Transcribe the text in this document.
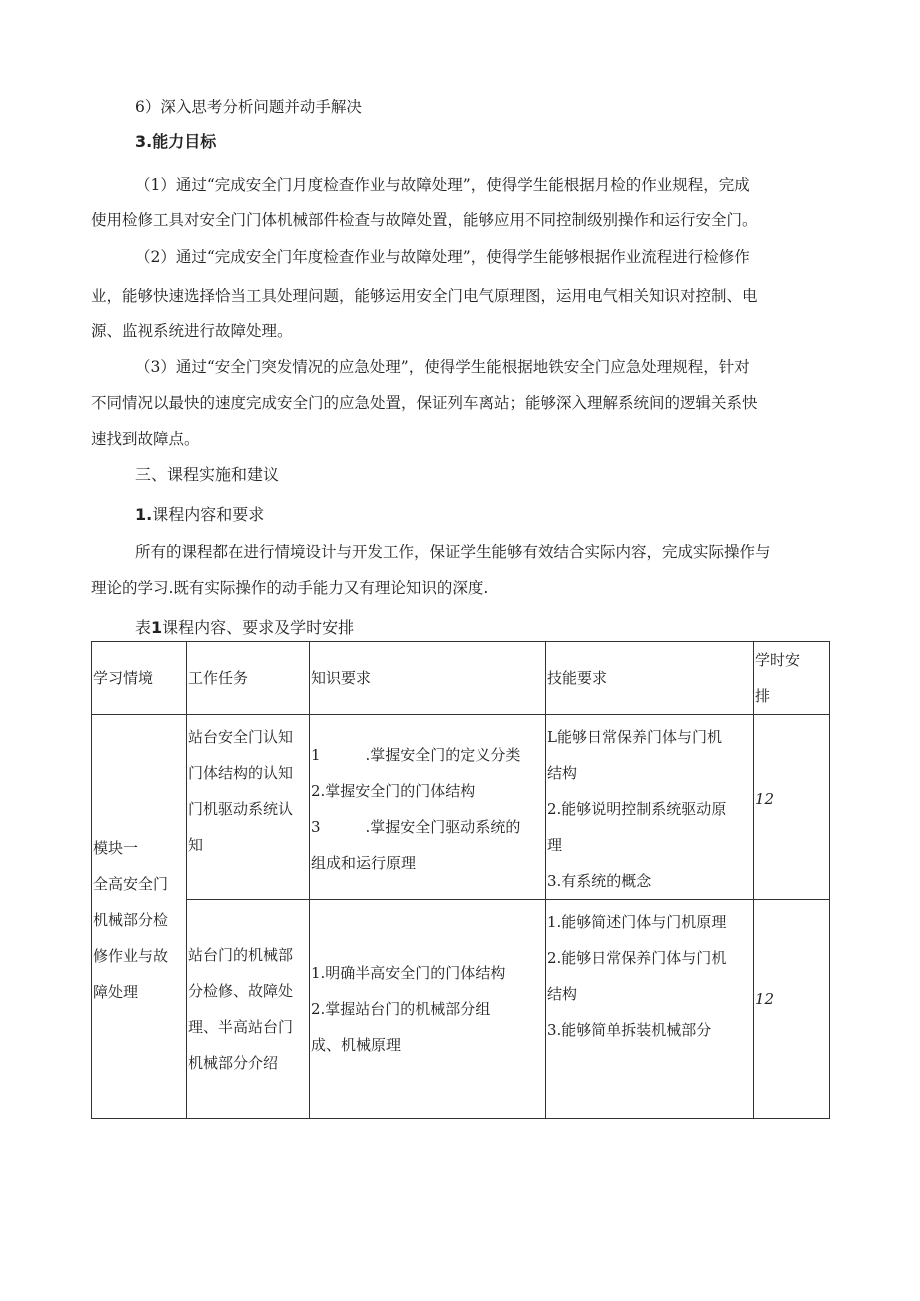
6）深入思考分析问题并动手解决
3.能力目标
（1）通过“完成安全门月度检查作业与故障处理”，使得学生能根据月检的作业规程，完成
使用检修工具对安全门门体机械部件检查与故障处置，能够应用不同控制级别操作和运行安全门。
（2）通过“完成安全门年度检查作业与故障处理”，使得学生能够根据作业流程进行检修作
业，能够快速选择恰当工具处理问题，能够运用安全门电气原理图，运用电气相关知识对控制、电
源、监视系统进行故障处理。
（3）通过“安全门突发情况的应急处理”，使得学生能根据地铁安全门应急处理规程，针对
不同情况以最快的速度完成安全门的应急处置，保证列车离站；能够深入理解系统间的逻辑关系快
速找到故障点。
三、课程实施和建议
1.课程内容和要求
所有的课程都在进行情境设计与开发工作，保证学生能够有效结合实际内容，完成实际操作与
理论的学习.既有实际操作的动手能力又有理论知识的深度.
表1课程内容、要求及学时安排
学习情境	工作任务	知识要求	技能要求	学时安
排

模块一
全高安全门
机械部分检
修作业与故
障处理	站台安全门认知
门体结构的认知
门机驱动系统认
知	1　　　.掌握安全门的定义分类
2.掌握安全门的门体结构
3　　　.掌握安全门驱动系统的
组成和运行原理	L能够日常保养门体与门机
结构
2.能够说明控制系统驱动原
理
3.有系统的概念	12

	站台门的机械部
分检修、故障处
理、半高站台门
机械部分介绍	1.明确半高安全门的门体结构
2.掌握站台门的机械部分组
成、机械原理	1.能够简述门体与门机原理
2.能够日常保养门体与门机
结构
3.能够简单拆装机械部分	12
